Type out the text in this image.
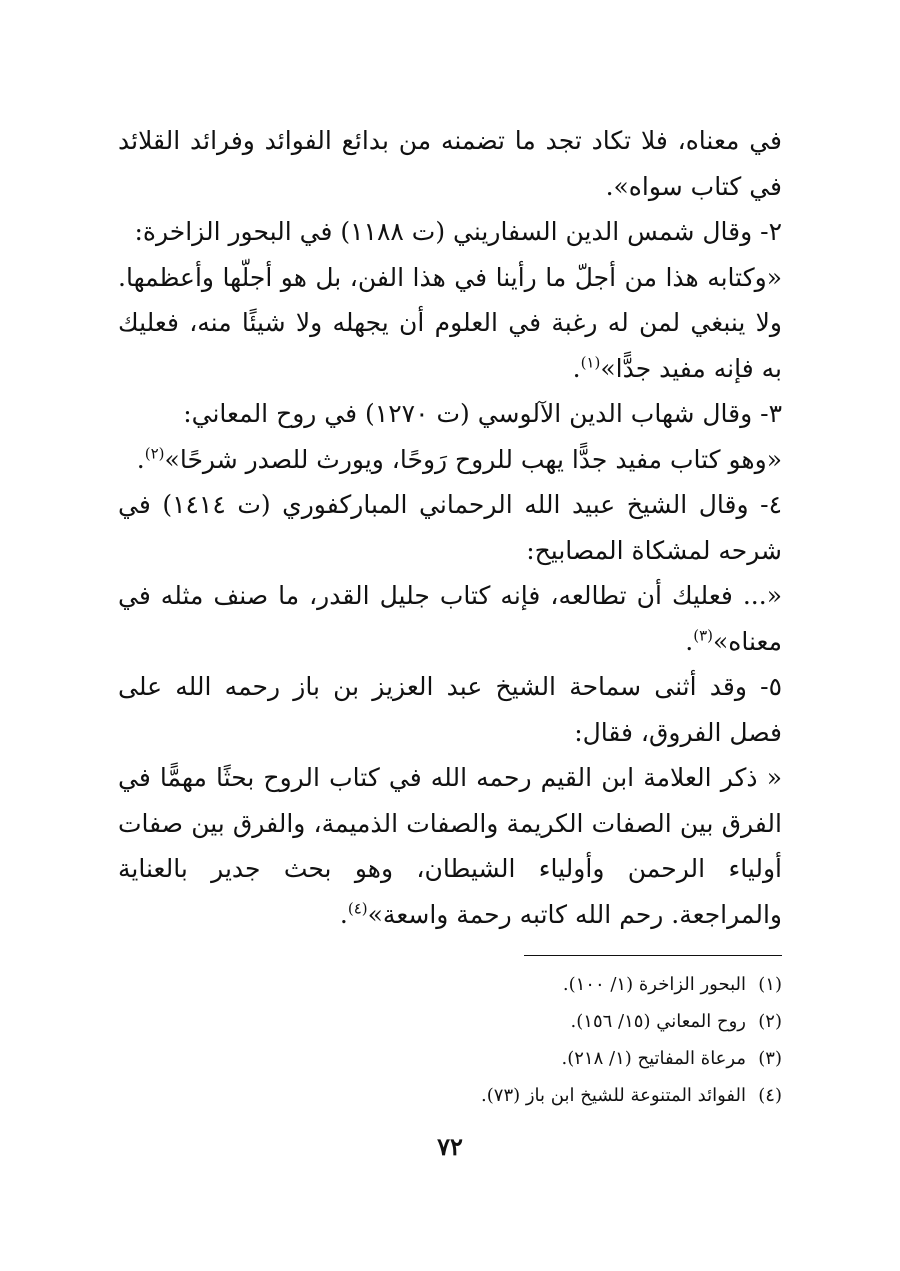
في معناه، فلا تكاد تجد ما تضمنه من بدائع الفوائد وفرائد القلائد في كتاب سواه».

٢- وقال شمس الدين السفاريني (ت ١١٨٨) في البحور الزاخرة:

«وكتابه هذا من أجلّ ما رأينا في هذا الفن، بل هو أجلّها وأعظمها. ولا ينبغي لمن له رغبة في العلوم أن يجهله ولا شيئًا منه، فعليك به فإنه مفيد جدًّا»$^{(١)}$.

٣- وقال شهاب الدين الآلوسي (ت ١٢٧٠) في روح المعاني:

«وهو كتاب مفيد جدًّا يهب للروح رَوحًا، ويورث للصدر شرحًا»$^{(٢)}$.

٤- وقال الشيخ عبيد الله الرحماني المباركفوري (ت ١٤١٤) في شرحه لمشكاة المصابيح:

«... فعليك أن تطالعه، فإنه كتاب جليل القدر، ما صنف مثله في معناه»$^{(٣)}$.

٥- وقد أثنى سماحة الشيخ عبد العزيز بن باز رحمه الله على فصل الفروق، فقال:

« ذكر العلامة ابن القيم رحمه الله في كتاب الروح بحثًا مهمًّا في الفرق بين الصفات الكريمة والصفات الذميمة، والفرق بين صفات أولياء الرحمن وأولياء الشيطان، وهو بحث جدير بالعناية والمراجعة. رحم الله كاتبه رحمة واسعة»$^{(٤)}$.

(١)البحور الزاخرة (١/ ١٠٠).
(٢)روح المعاني (١٥/ ١٥٦).
(٣)مرعاة المفاتيح (١/ ٢١٨).
(٤)الفوائد المتنوعة للشيخ ابن باز (٧٣).
٧٢
